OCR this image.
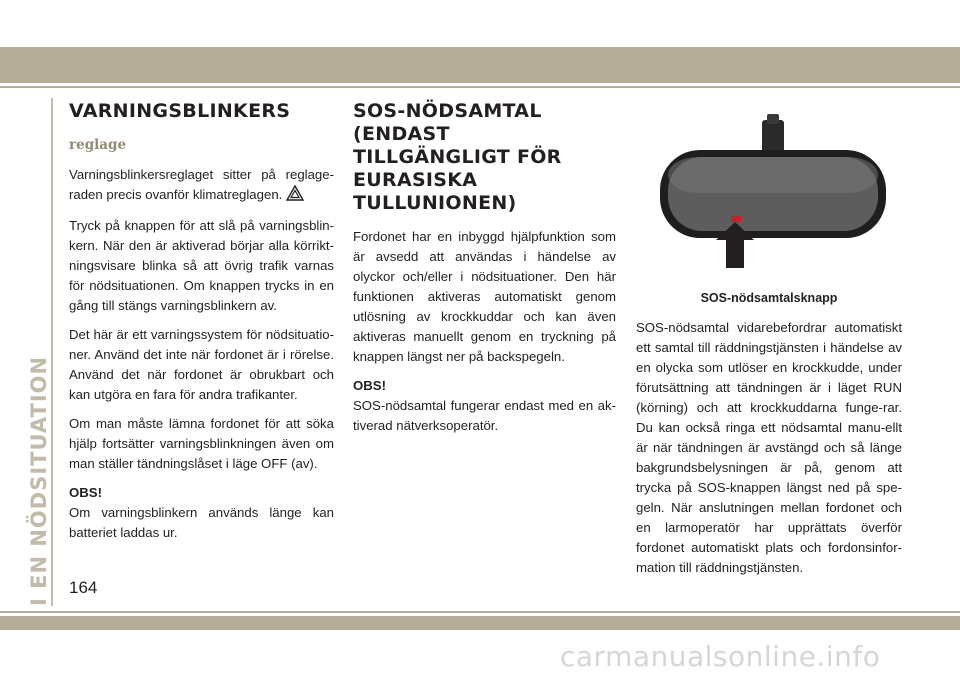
I EN NÖDSITUATION
VARNINGSBLINKERS
reglage

Varningsblinkersreglaget sitter på reglage-raden precis ovanför klimatreglagen.

Tryck på knappen för att slå på varningsblin-kern. När den är aktiverad börjar alla körrikt-ningsvisare blinka så att övrig trafik varnas för nödsituationen. Om knappen trycks in en gång till stängs varningsblinkern av.

Det här är ett varningssystem för nödsituatio-ner. Använd det inte när fordonet är i rörelse. Använd det när fordonet är obrukbart och kan utgöra en fara för andra trafikanter.

Om man måste lämna fordonet för att söka hjälp fortsätter varningsblinkningen även om man ställer tändningslåset i läge OFF (av).

OBS!

Om varningsblinkern används länge kan batteriet laddas ur.

SOS-NÖDSAMTAL (ENDAST
TILLGÄNGLIGT FÖR
EURASISKA
TULLUNIONEN)

Fordonet har en inbyggd hjälpfunktion som är avsedd att användas i händelse av olyckor och/eller i nödsituationer. Den här funktionen aktiveras automatiskt genom utlösning av krockkuddar och kan även aktiveras manuellt genom en tryckning på knappen längst ner på backspegeln.

OBS!

SOS-nödsamtal fungerar endast med en ak-tiverad nätverksoperatör.

SOS-nödsamtalsknapp

SOS-nödsamtal vidarebefordrar automatiskt ett samtal till räddningstjänsten i händelse av en olycka som utlöser en krockkudde, under förutsättning att tändningen är i läget RUN (körning) och att krockkuddarna funge-rar. Du kan också ringa ett nödsamtal manu-ellt är när tändningen är avstängd och så länge bakgrundsbelysningen är på, genom att trycka på SOS-knappen längst ned på spe-geln. När anslutningen mellan fordonet och en larmoperatör har upprättats överför fordonet automatiskt plats och fordonsinfor-mation till räddningstjänsten.

164
carmanualsonline.info
